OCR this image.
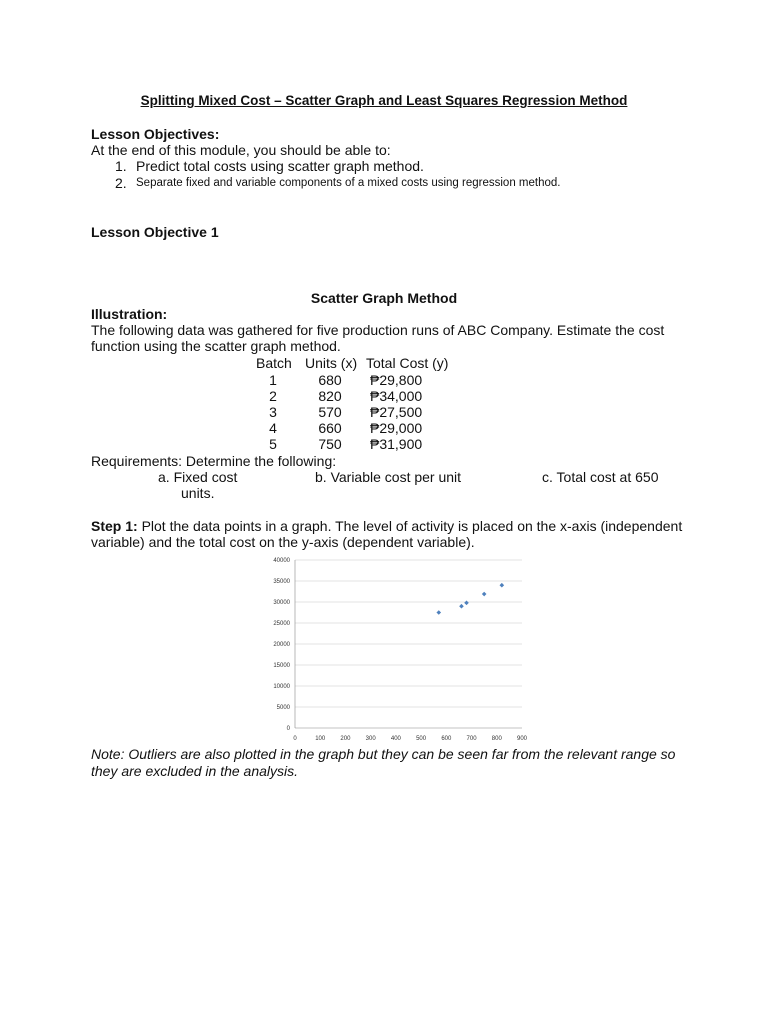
Splitting Mixed Cost – Scatter Graph and Least Squares Regression Method
Lesson Objectives:
At the end of this module, you should be able to:
1. Predict total costs using scatter graph method.
2. Separate fixed and variable components of a mixed costs using regression method.
Lesson Objective 1
Scatter Graph Method
Illustration:
The following data was gathered for five production runs of ABC Company. Estimate the cost
function using the scatter graph method.
Batch Units (x) Total Cost (y)
1	680	₱29,800
2	820	₱34,000
3	570	₱27,500
4	660	₱29,000
5	750	₱31,900
Requirements: Determine the following:
a. Fixed cost	b. Variable cost per unit	c. Total cost at 650
units.
Step 1: Plot the data points in a graph. The level of activity is placed on the x-axis (independent
variable) and the total cost on the y-axis (dependent variable).
0
5000
10000
15000
20000
25000
30000
35000
40000
0	100	200	300	400	500	600	700	800	900
Note: Outliers are also plotted in the graph but they can be seen far from the relevant range so
they are excluded in the analysis.
